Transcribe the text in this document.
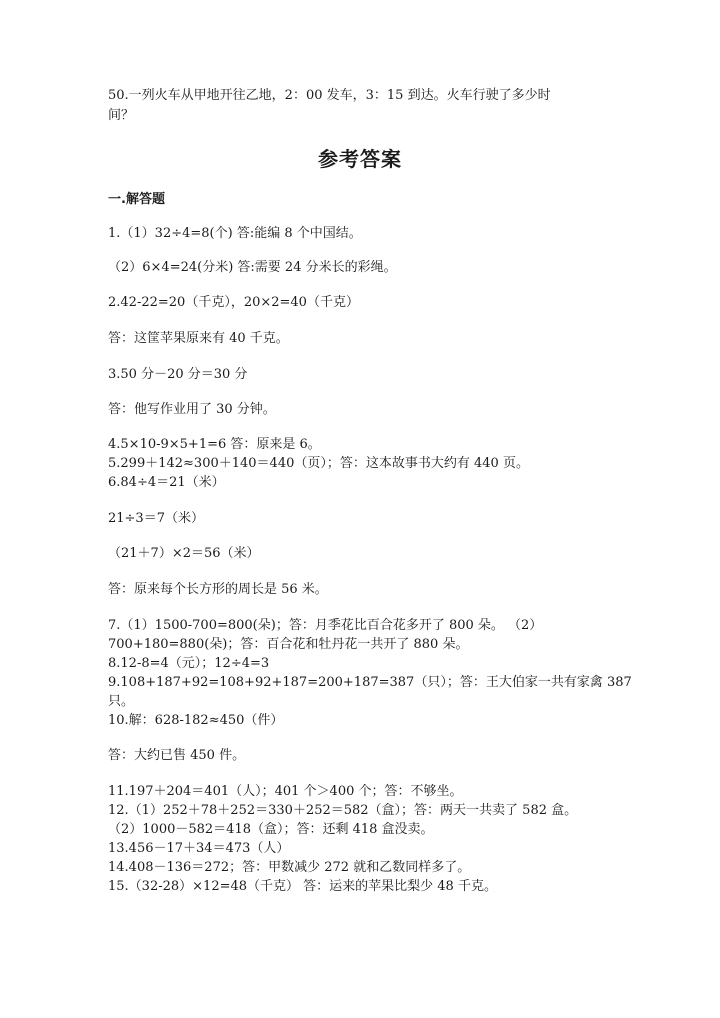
50.一列火车从甲地开往乙地，2：00 发车，3：15 到达。火车行驶了多少时
间？
参考答案
一.解答题
1.（1）32÷4=8(个) 答:能编 8 个中国结。
（2）6×4=24(分米) 答:需要 24 分米长的彩绳。
2.42-22=20（千克），20×2=40（千克）
答：这筐苹果原来有 40 千克。
3.50 分－20 分＝30 分
答：他写作业用了 30 分钟。
4.5×10-9×5+1=6 答：原来是 6。
5.299＋142≈300＋140＝440（页）；答：这本故事书大约有 440 页。
6.84÷4＝21（米）
21÷3＝7（米）
（21＋7）×2＝56（米）
答：原来每个长方形的周长是 56 米。
7.（1）1500-700=800(朵)；答：月季花比百合花多开了 800 朵。 （2）
700+180=880(朵)；答：百合花和牡丹花一共开了 880 朵。
8.12-8=4（元）；12÷4=3
9.108+187+92=108+92+187=200+187=387（只）；答：王大伯家一共有家禽 387
只。
10.解：628-182≈450（件）
答：大约已售 450 件。
11.197＋204＝401（人）；401 个＞400 个；答：不够坐。
12.（1）252＋78＋252＝330＋252＝582（盒）；答：两天一共卖了 582 盒。
（2）1000－582＝418（盒）；答：还剩 418 盒没卖。
13.456－17＋34＝473（人）
14.408－136＝272；答：甲数减少 272 就和乙数同样多了。
15.（32-28）×12=48（千克） 答：运来的苹果比梨少 48 千克。
